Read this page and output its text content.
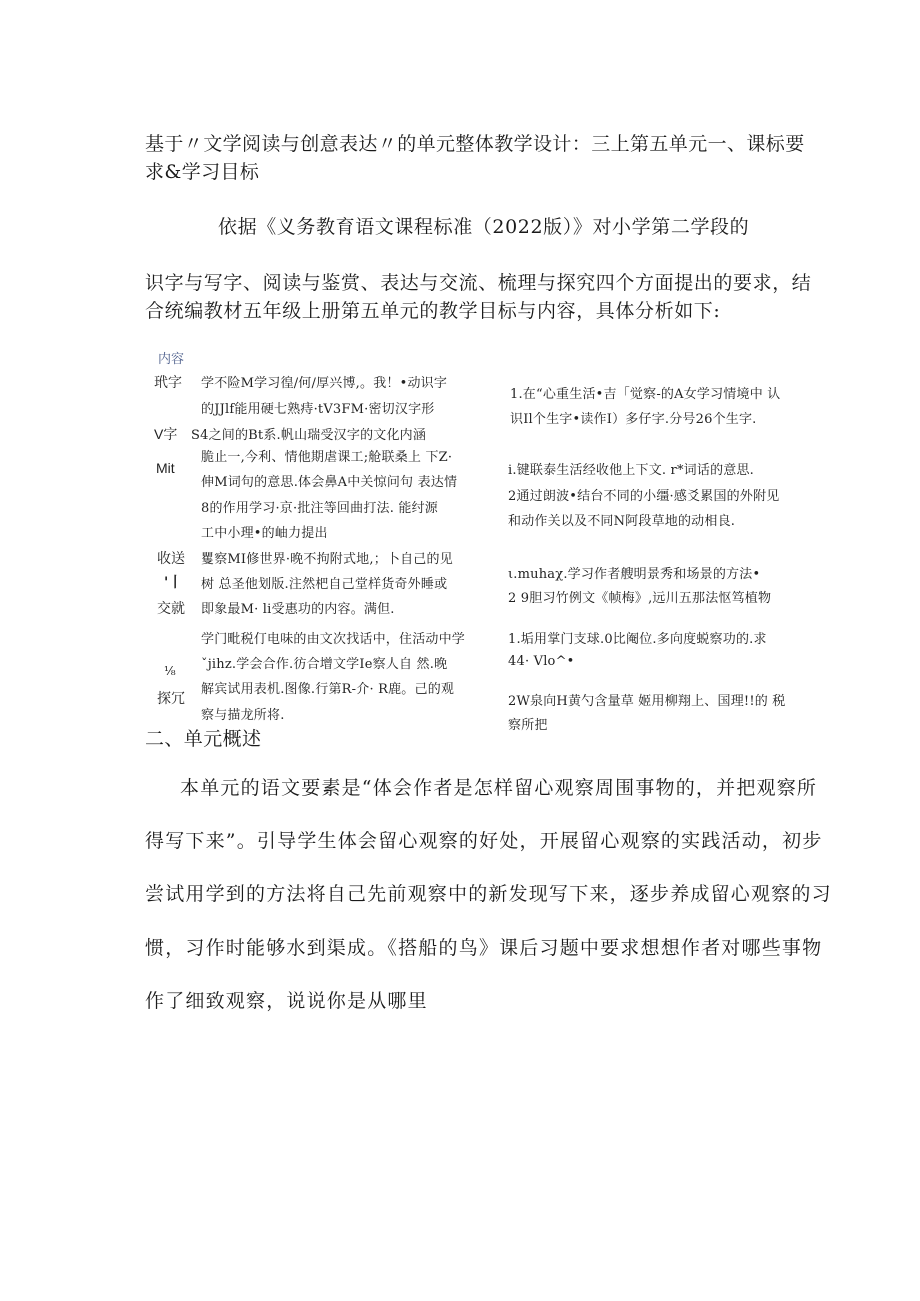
基于〃文学阅读与创意表达〃的单元整体教学设计：三上第五单元一、课标要
求&学习目标
依据《义务教育语文课程标准（2022版）》对小学第二学段的
识字与写字、阅读与鉴赏、表达与交流、梳理与探究四个方面提出的要求，结
合统编教材五年级上册第五单元的教学目标与内容，具体分析如下:
内容
玳字
V字
Mit
收送
'丨
交就
⅛
探冗
学不险M学习徨/何/厚兴博,。我！•动识字
的JJlf能用硬七熟痔·tV3FM·密切汉字形
S4之间的Bt系.帆山瑞受汉字的文化内涵
脆止一,今利、情他期虐课工;舱联桑上 下Z·
伸M词句的意思.体会鼻A中关惊问句 表达情
8的作用学习·京·批注等回曲打法. 能纣源
工中小理•的岫力提出
矍察MI修世界·晚不拘附式地,；卜自己的见
树 总圣他划版.注然杷自己堂样货奇外睡或
即象最M· li受惠功的内容。满但.
学门毗税仃电味的由文次找话中，住活动中学
ˇjihz.学会合作.彷合增文学Ie察人自 然.晚
解宾试用表机.图像.行第R-介· R鹿。己的观
察与描龙所将.
1.在“心重生活•吉「觉察-的A女学习情境中 认
识Il个生字•读作I）多仔字.分号26个生字.
i.键联泰生活经收他上下文. r*词话的意思.
2通过朗波•结台不同的小缰·感爻累国的外附见
和动作关以及不同N阿段草地的动相良.
ι.muhaχ.学习作者艘明景秀和场景的方法•
2 9胆习竹例文《帧梅》,远川五那法怄笃植物
1.垢用掌门支球.0比阉位.多向度蜕察功的.求
44· Vlo^•
2W泉向H黄勺含量草 姬用柳翔上、国理!!的 税
察所把
二、单元概述
本单元的语文要素是“体会作者是怎样留心观察周围事物的，并把观察所
得写下来”。引导学生体会留心观察的好处，开展留心观察的实践活动，初步
尝试用学到的方法将自己先前观察中的新发现写下来，逐步养成留心观察的习
惯，习作时能够水到渠成。《搭船的鸟》课后习题中要求想想作者对哪些事物
作了细致观察，说说你是从哪里
